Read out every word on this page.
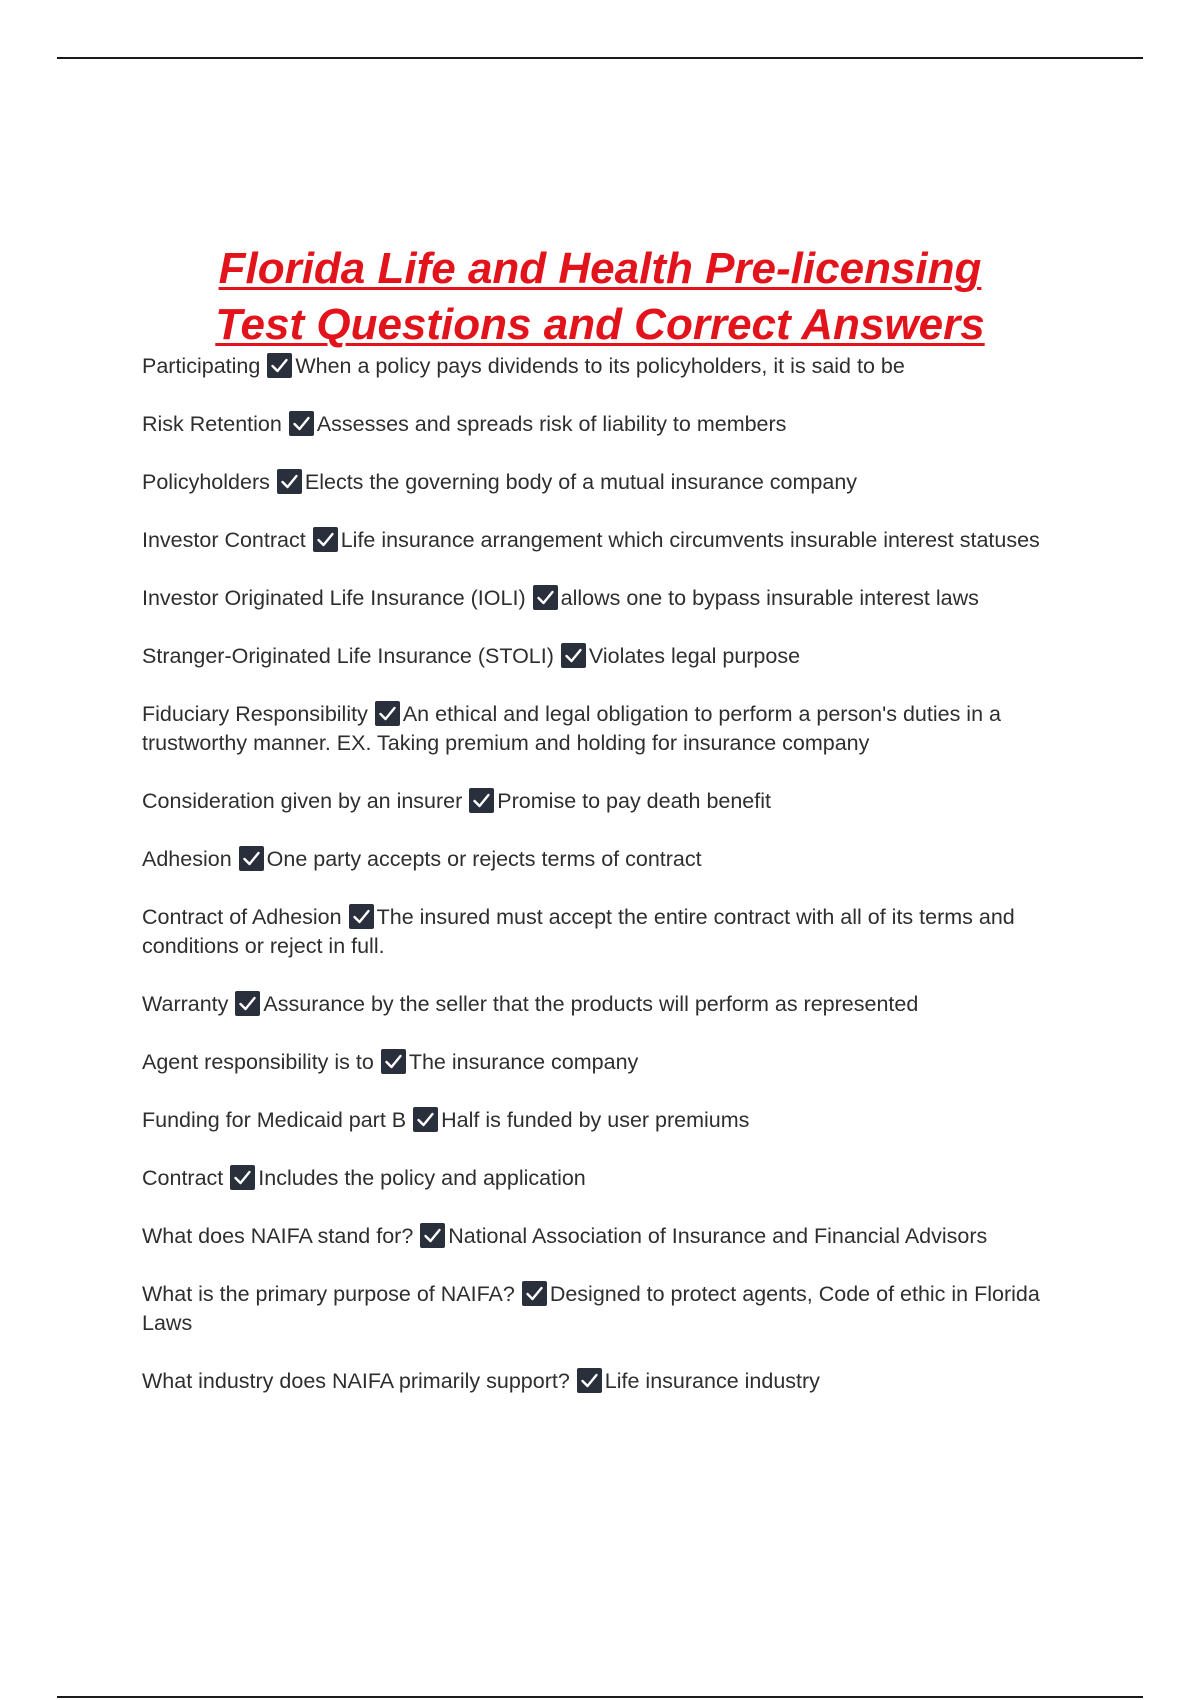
Florida Life and Health Pre-licensing
Test Questions and Correct Answers
Participating When a policy pays dividends to its policyholders, it is said to be
Risk Retention Assesses and spreads risk of liability to members
Policyholders Elects the governing body of a mutual insurance company
Investor Contract Life insurance arrangement which circumvents insurable interest statuses
Investor Originated Life Insurance (IOLI) allows one to bypass insurable interest laws
Stranger-Originated Life Insurance (STOLI) Violates legal purpose
Fiduciary Responsibility An ethical and legal obligation to perform a person's duties in a trustworthy manner. EX. Taking premium and holding for insurance company
Consideration given by an insurer Promise to pay death benefit
Adhesion One party accepts or rejects terms of contract
Contract of Adhesion The insured must accept the entire contract with all of its terms and conditions or reject in full.
Warranty Assurance by the seller that the products will perform as represented
Agent responsibility is to The insurance company
Funding for Medicaid part B Half is funded by user premiums
Contract Includes the policy and application
What does NAIFA stand for? National Association of Insurance and Financial Advisors
What is the primary purpose of NAIFA? Designed to protect agents, Code of ethic in Florida Laws
What industry does NAIFA primarily support? Life insurance industry
